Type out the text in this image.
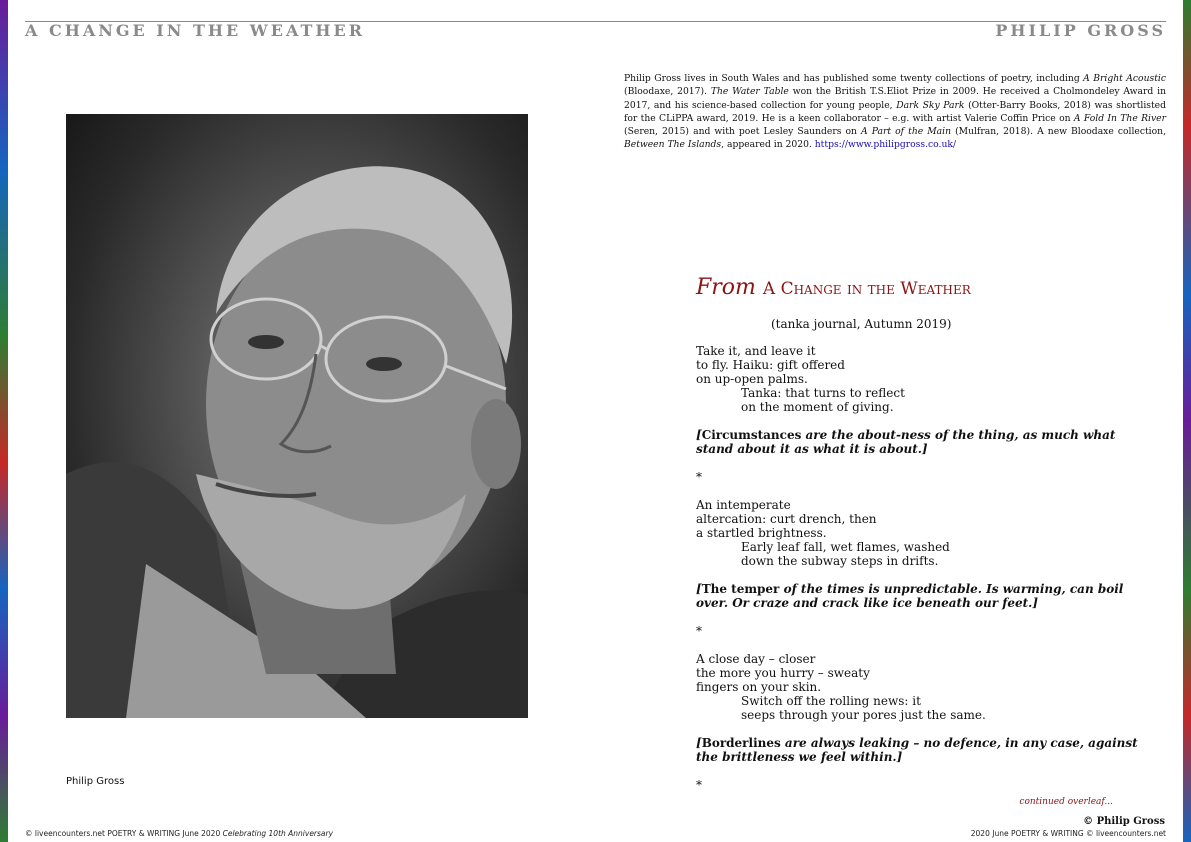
A CHANGE IN THE WEATHER	PHILIP GROSS
Philip Gross
Philip Gross lives in South Wales and has published some twenty collections of poetry, including A Bright Acoustic (Bloodaxe, 2017). The Water Table won the British T.S.Eliot Prize in 2009. He received a Cholmondeley Award in 2017, and his science-based collection for young people, Dark Sky Park (Otter-Barry Books, 2018) was shortlisted for the CLiPPA award, 2019. He is a keen collaborator – e.g. with artist Valerie Coffin Price on A Fold In The River (Seren, 2015) and with poet Lesley Saunders on A Part of the Main (Mulfran, 2018). A new Bloodaxe collection, Between The Islands, appeared in 2020. https://www.philipgross.co.uk/
From A Change in the Weather
(tanka journal, Autumn 2019)
Take it, and leave it
to fly. Haiku: gift offered
on up-open palms.
Tanka: that turns to reflect
on the moment of giving.
[Circumstances are the about-ness of the thing, as much what stand about it as what it is about.]
*
An intemperate
altercation: curt drench, then
a startled brightness.
Early leaf fall, wet flames, washed
down the subway steps in drifts.
[The temper of the times is unpredictable. Is warming, can boil over. Or craze and crack like ice beneath our feet.]
*
A close day – closer
the more you hurry – sweaty
fingers on your skin.
Switch off the rolling news: it
seeps through your pores just the same.
[Borderlines are always leaking – no defence, in any case, against the brittleness we feel within.]
*
continued overleaf...
© Philip Gross
© liveencounters.net POETRY & WRITING June 2020 Celebrating 10th Anniversary	2020 June POETRY & WRITING © liveencounters.net
